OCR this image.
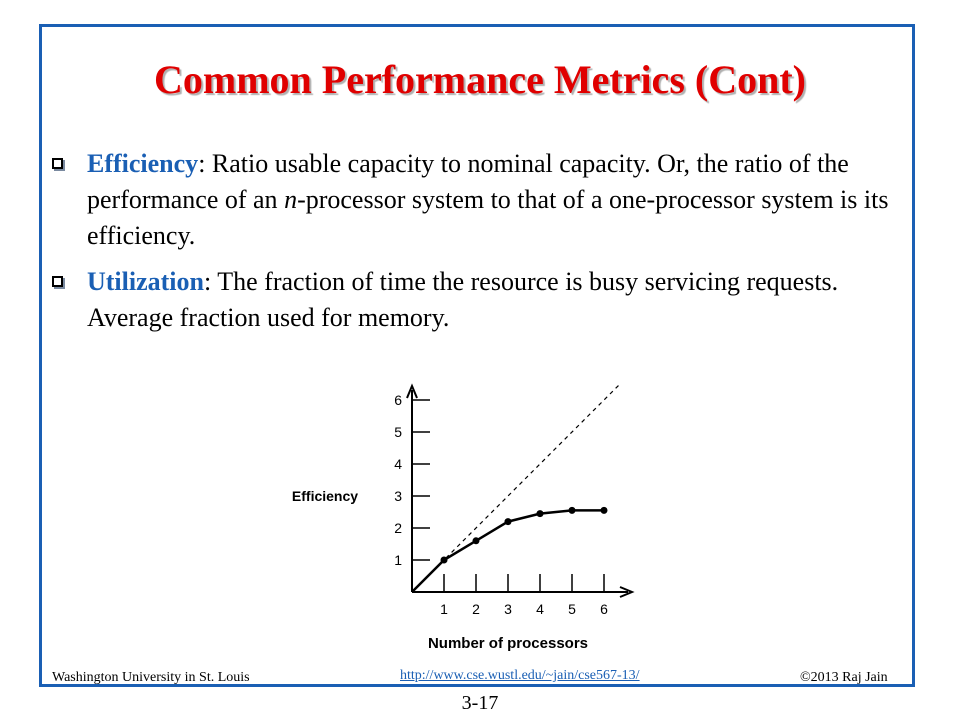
Common Performance Metrics (Cont)
Efficiency: Ratio usable capacity to nominal capacity. Or, the ratio of the performance of an n-processor system to that of a one-processor system is its efficiency.
Utilization: The fraction of time the resource is busy servicing requests. Average fraction used for memory.
1
2
3
4
5
6
1 2 3 4 5 6
Efficiency
Number of processors
Washington University in St. Louis	http://www.cse.wustl.edu/~jain/cse567-13/	©2013 Raj Jain
3-17
